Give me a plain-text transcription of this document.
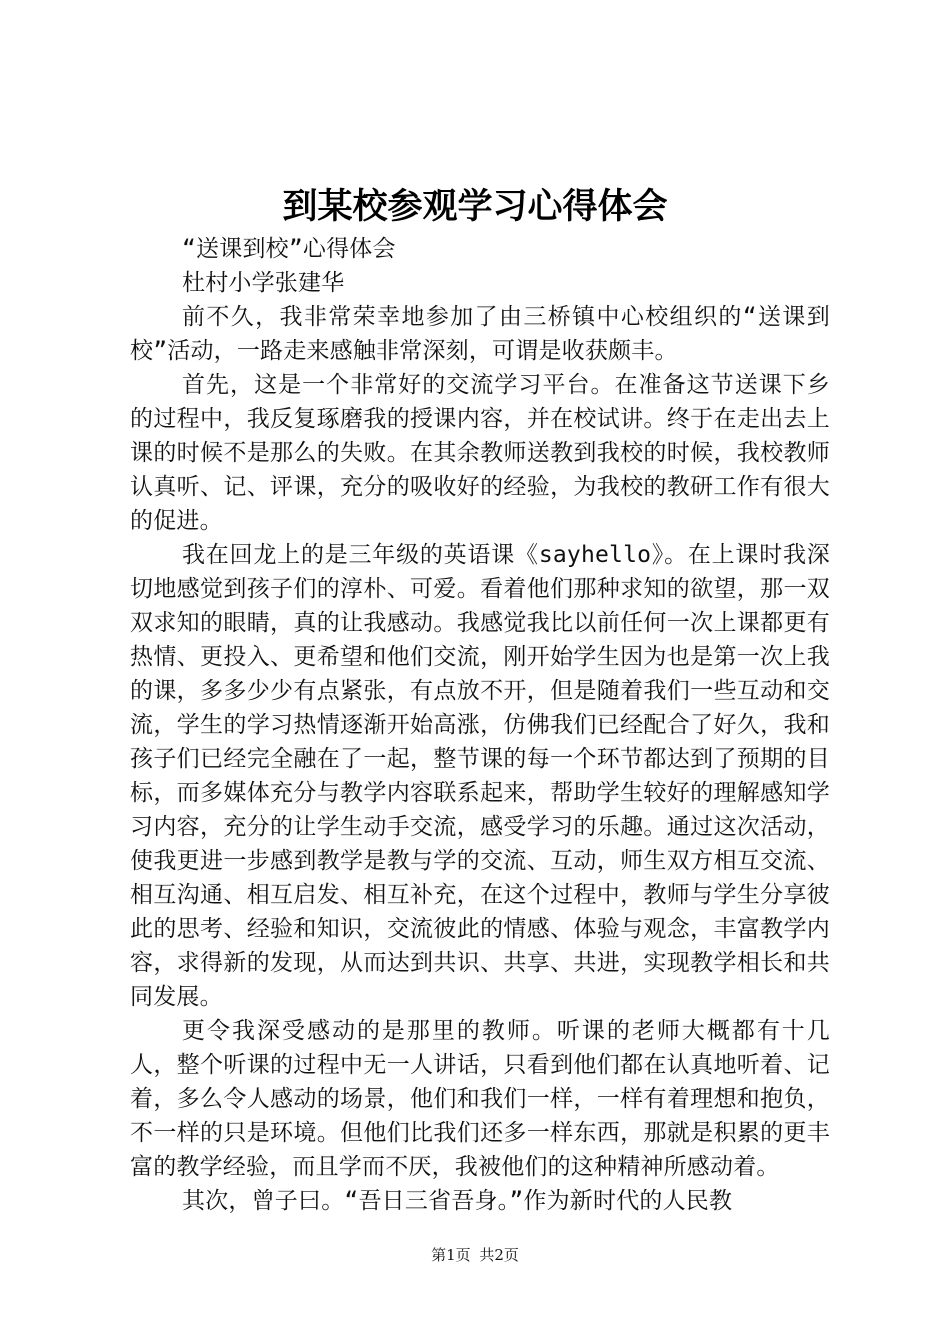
到某校参观学习心得体会

“送课到校”心得体会

杜村小学张建华

前不久，我非常荣幸地参加了由三桥镇中心校组织的“送课到校”活动，一路走来感触非常深刻，可谓是收获颇丰。

首先，这是一个非常好的交流学习平台。在准备这节送课下乡的过程中，我反复琢磨我的授课内容，并在校试讲。终于在走出去上课的时候不是那么的失败。在其余教师送教到我校的时候，我校教师认真听、记、评课，充分的吸收好的经验，为我校的教研工作有很大的促进。

我在回龙上的是三年级的英语课《sayhello》。在上课时我深切地感觉到孩子们的淳朴、可爱。看着他们那种求知的欲望，那一双双求知的眼睛，真的让我感动。我感觉我比以前任何一次上课都更有热情、更投入、更希望和他们交流，刚开始学生因为也是第一次上我的课，多多少少有点紧张，有点放不开，但是随着我们一些互动和交流，学生的学习热情逐渐开始高涨，仿佛我们已经配合了好久，我和孩子们已经完全融在了一起，整节课的每一个环节都达到了预期的目标，而多媒体充分与教学内容联系起来，帮助学生较好的理解感知学习内容，充分的让学生动手交流，感受学习的乐趣。通过这次活动，使我更进一步感到教学是教与学的交流、互动，师生双方相互交流、相互沟通、相互启发、相互补充，在这个过程中，教师与学生分享彼此的思考、经验和知识，交流彼此的情感、体验与观念，丰富教学内容，求得新的发现，从而达到共识、共享、共进，实现教学相长和共同发展。

更令我深受感动的是那里的教师。听课的老师大概都有十几人，整个听课的过程中无一人讲话，只看到他们都在认真地听着、记着，多么令人感动的场景，他们和我们一样，一样有着理想和抱负，不一样的只是环境。但他们比我们还多一样东西，那就是积累的更丰富的教学经验，而且学而不厌，我被他们的这种精神所感动着。

其次，曾子曰。“吾日三省吾身。”作为新时代的人民教

第1页 共2页
